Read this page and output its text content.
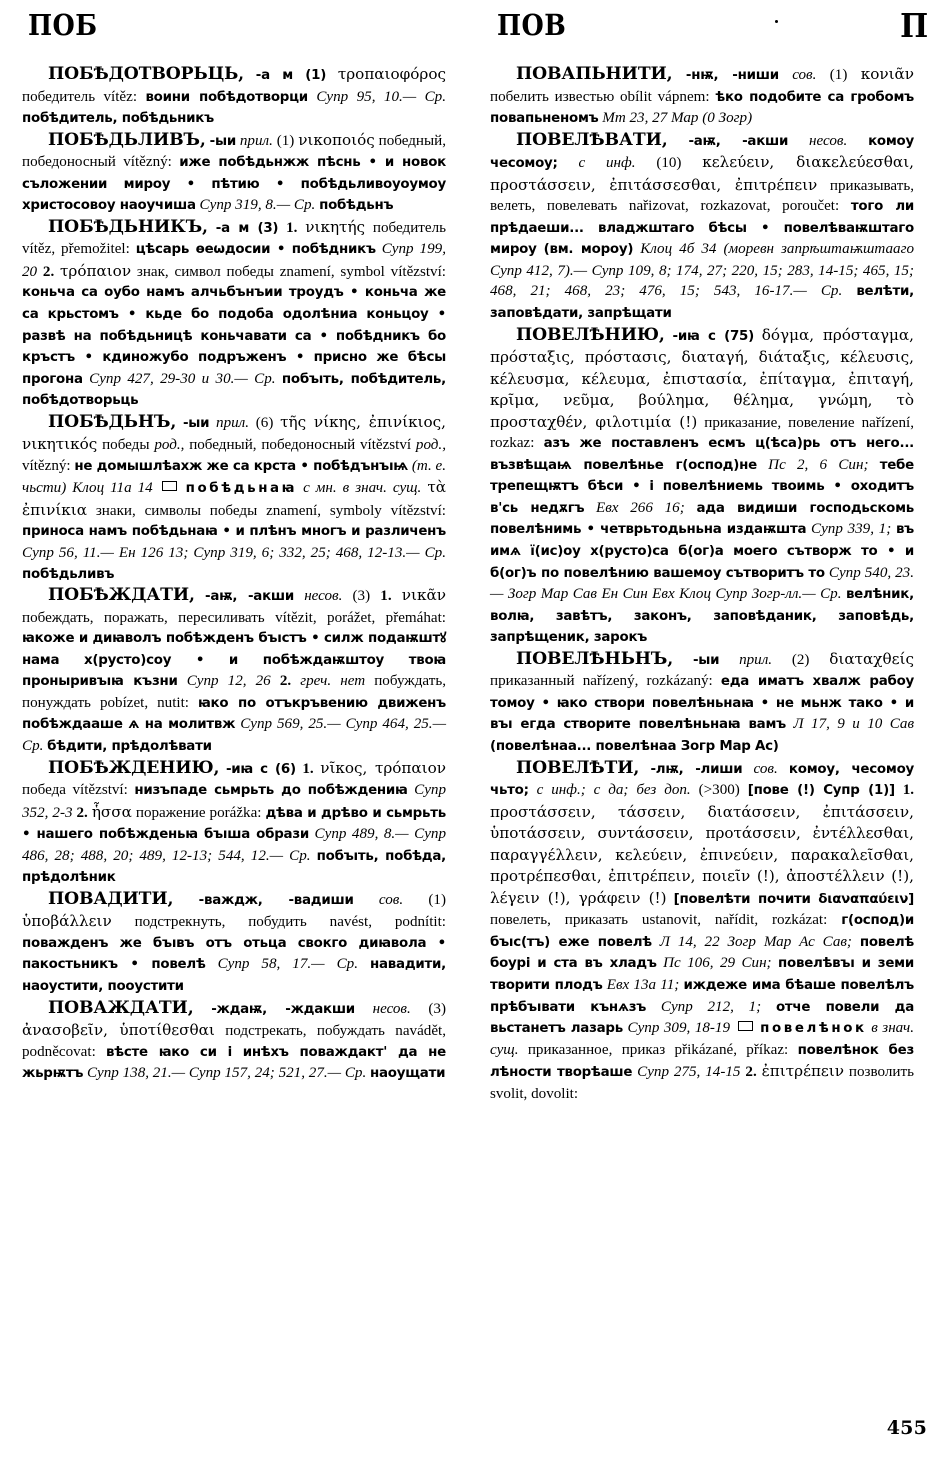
ПОБ	ПОВ	П

ПОБѢДОТВОРЬЦЬ, -а м (1) τροπαιοφόρος победитель vítěz: воини побѣдотворци Супр 95, 10.— Ср. побѣдитель, побѣдьникъ

ПОБѢДЬЛИВЪ, -ыи прил. (1) νικοποιός победный, победоносный vítězný: иже побѣдьнжж пѣснь • и новок съложении мироу • пѣтию • побѣдьливоуоумоу христосовоу наоучиша Супр 319, 8.— Ср. побѣдьнъ

ПОБѢДЬНИКЪ, -а м (3) 1. νικητής победитель vítěz, přemožitel: цѣсарь ѳеѡдосии • побѣдникъ Супр 199, 20 2. τρόπαιον знак, символ победы znamení, symbol vítězství: коньча са оубо намъ алчьбънъии троудъ • коньча же са крьстомъ • кьде бо подоба одолѣниа коньцоу • развѣ на побѣдьницѣ коньчавати са • побѣдникъ бо кръстъ • кдиножубо подръженъ • присно же бѣсы прогона Супр 427, 29-30 и 30.— Ср. побъıть, побѣдитель, побѣдотворьць

ПОБѢДЬНЪ, -ыи прил. (6) τῆς νίκης, ἐπινίκιος, νικητικός победы род., победный, победоносный vítězství род., vítězný: не домышлѣахж же са крста • побѣдънъıѩ (т. е. чьсти) Клоц 11а 14 побѣдьнаꙗ с мн. в знач. сущ. τὰ ἐπινίκια знаки, символы победы znamení, symboly vítězství: приноса намъ побѣдьнаꙗ • и плѣнъ многъ и различенъ Супр 56, 11.— Ен 126 13; Супр 319, 6; 332, 25; 468, 12-13.— Ср. побѣдьливъ

ПОБѢЖДАТИ, -аѭ, -акши несов. (3) 1. νικᾶν побеждать, поражать, пересиливать vítězit, porážet, přemáhat: ꙗкоже и диꙗволъ побѣжденъ бъıстъ • силж подаѭштꙋ нама х(русто)соу • и побѣждаѭштоу твоꙗ проныривъıꙗ къзни Супр 12, 26 2. греч. нет побуждать, понуждать pobízet, nutit: ꙗко по отъкръвению движенъ побѣждааше ѧ на молитвж Супр 569, 25.— Супр 464, 25.— Ср. бѣдити, прѣдолѣвати

ПОБѢЖДЕНИЮ, -иꙗ с (6) 1. νῖκος, τρόπαιον победа vítězství: низъпаде сьмрьть до побѣждениꙗ Супр 352, 2-3 2. ἧσσα поражение porážka: дѣва и дрѣво и сьмрьть • нашего побѣжденьꙗ бъıша образи Супр 489, 8.— Супр 486, 28; 488, 20; 489, 12-13; 544, 12.— Ср. побъıть, побѣда, прѣдолѣник

ПОВАДИТИ, -важдж, -вадиши сов. (1) ὑποβάλλειν подстрекнуть, побудить navést, podnítit: поважденъ же бъıвъ отъ отьца свокго диꙗвола • пакостьникъ • повелѣ Супр 58, 17.— Ср. навадити, наоустити, пооустити

ПОВАЖДАТИ, -ждаѭ, -ждакши несов. (3) ἀνασοβεῖν, ὑποτίθεσθαι подстрекать, побуждать navádět, podněcovat: вѣсте ꙗко си і инѣхъ поваждакт' да не жьрѭтъ Супр 138, 21.— Супр 157, 24; 521, 27.— Ср. наоущати

ПОВАПЬНИТИ, -нѭ, -ниши сов. (1) κονιᾶν побелить известью obílit vápnem: ѣко подобите са гробомъ повапьненомъ Мт 23, 27 Мар (0 Зогр)

ПОВЕЛѢВАТИ, -аѭ, -акши несов. комоу чесомоу; с инф. (10) κελεύειν, διακελεύεσθαι, προστάσσειν, ἐπιτάσσεσθαι, ἐπιτρέπειν приказывать, велеть, повелевать nařizovat, rozkazovat, poroučet: того ли прѣдаеши... владжштаго бѣсы • повелѣваѭштаго мироу (вм. мороу) Клоц 4б 34 (моревн запрѣштаѭштааго Супр 412, 7).— Супр 109, 8; 174, 27; 220, 15; 283, 14-15; 465, 15; 468, 21; 468, 23; 476, 15; 543, 16-17.— Ср. велѣти, заповѣдати, запрѣщати

ПОВЕЛѢНИЮ, -иꙗ с (75) δόγμα, πρόσταγμα, πρόσταξις, πρόστασις, διαταγή, διάταξις, κέλευσις, κέλευσμα, κέλευμα, ἐπιστασία, ἐπίταγμα, ἐπιταγή, κρῖμα, νεῦμα, βούλημα, θέλημα, γνώμη, τὸ προσταχθέν, φιλοτιμία (!) приказание, повеление nařízení, rozkaz: азъ же поставленъ есмъ ц(ѣса)рь отъ него... възвѣщаѩ повелѣнье г(оспод)не Пс 2, 6 Син; тебе трепещѭтъ бѣси • і повелѣниемь твоимь • оходитъ в'сь недѫгъ Евх 266 16; ада видиши господьскомь повелѣнимь • четврьтодьньна издаѭшта Супр 339, 1; въ имѧ ї(ис)оу х(русто)са б(ог)а моего сътворж то • и б(ог)ъ по повелѣнию вашемоу сътворитъ то Супр 540, 23.— Зогр Мар Сав Ен Син Евх Клоц Супр Зогр-лл.— Ср. велѣник, волꙗ, завѣтъ, законъ, заповѣданик, заповѣдь, запрѣщеник, зарокъ

ПОВЕЛѢНЬНЪ, -ыи прил. (2) διαταχθείς приказанный nařízený, rozkázaný: еда иматъ хвалж рабоу томоу • ꙗко створи повелѣньнаꙗ • не мьнж тако • и въı егда створите повелѣньнаꙗ вамъ Л 17, 9 и 10 Сав (повелѣнаа... повелѣнаа Зогр Мар Ас)

ПОВЕЛѢТИ, -лѭ, -лиши сов. комоу, чесомоу чьто; с инф.; с да; без доп. (>300) [пове (!) Супр (1)] 1. προστάσσειν, τάσσειν, διατάσσειν, ἐπιτάσσειν, ὑποτάσσειν, συντάσσειν, προτάσσειν, ἐντέλλεσθαι, παραγγέλλειν, κελεύειν, ἐπινεύειν, παρακαλεῖσθαι, προτρέπεσθαι, ἐπιτρέπειν, ποιεῖν (!), ἀποστέλλειν (!), λέγειν (!), γράφειν (!) [повелѣти почити διαναπαύειν] повелеть, приказать ustanovit, nařídit, rozkázat: г(оспод)и бъıс(тъ) еже повелѣ Л 14, 22 Зогр Мар Ас Сав; повелѣ боурі и ста въ хладъ Пс 106, 29 Син; повелѣвъı и земи творити плодъ Евх 13а 11; иждеже има бѣаше повелѣлъ прѣбъıвати кънѧзъ Супр 212, 1; отче повели да вьстанетъ лазарь Супр 309, 18-19 повелѣнок в знач. сущ. приказанное, приказ přikázané, příkaz: повелѣнок без лѣности творѣаше Супр 275, 14-15 2. ἐπιτρέπειν позволить svolit, dovolit:

455
